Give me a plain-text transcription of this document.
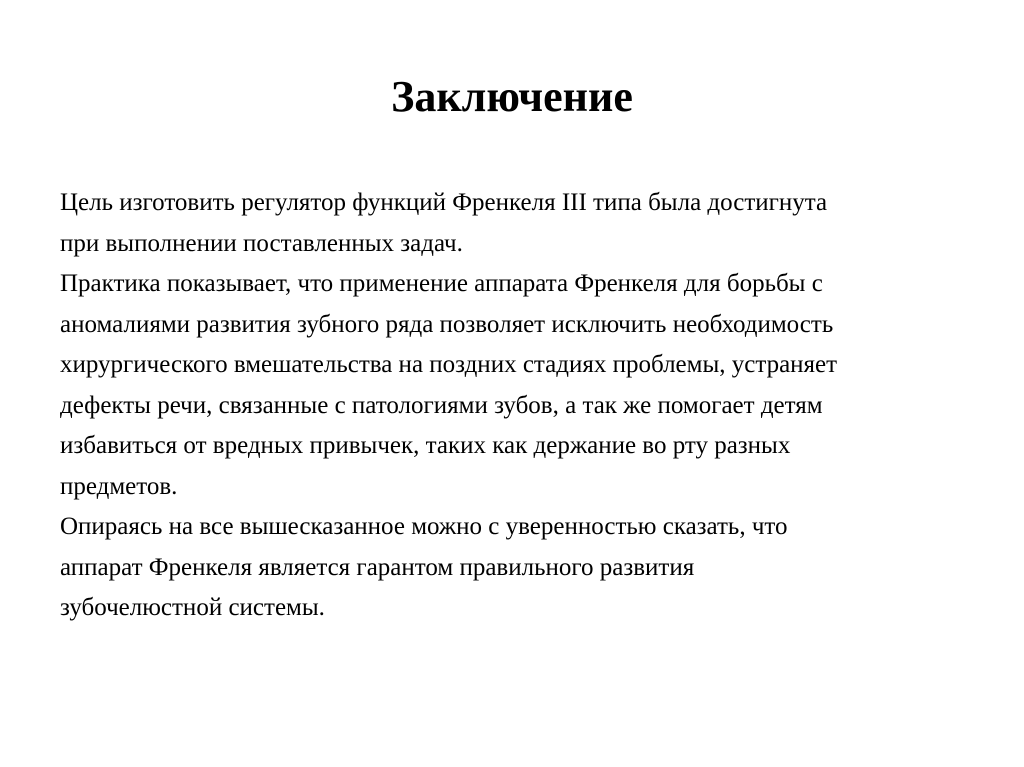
Заключение

Цель изготовить регулятор функций Френкеля III типа была достигнута
при выполнении поставленных задач.

Практика показывает, что применение аппарата Френкеля для борьбы с
аномалиями развития зубного ряда позволяет исключить необходимость
хирургического вмешательства на поздних стадиях проблемы, устраняет
дефекты речи, связанные с патологиями зубов, а так же помогает детям
избавиться от вредных привычек, таких как держание во рту разных
предметов.

Опираясь на все вышесказанное можно с уверенностью сказать, что
аппарат Френкеля является гарантом правильного развития
зубочелюстной системы.
